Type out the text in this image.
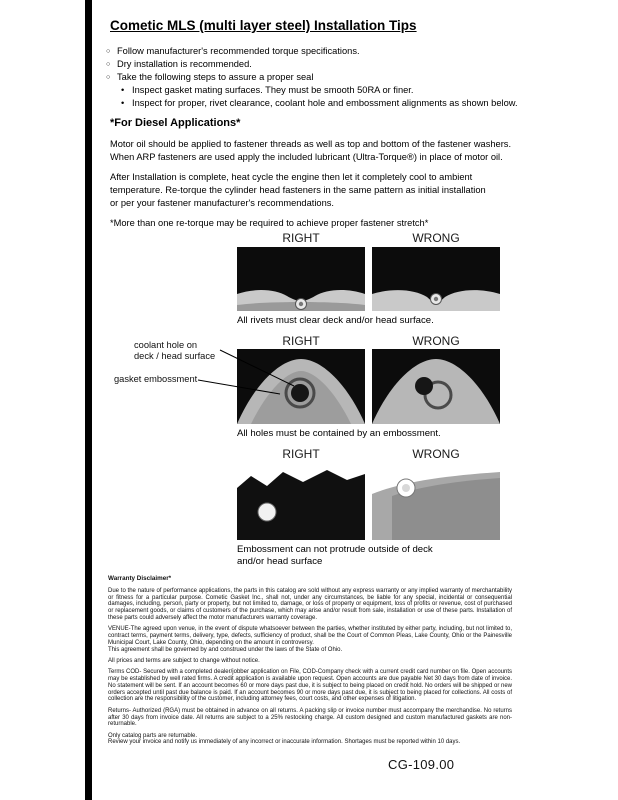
Cometic MLS (multi layer steel) Installation Tips
○ Follow manufacturer's recommended torque specifications.
○ Dry installation is recommended.
○ Take the following steps to assure a proper seal
• Inspect gasket mating surfaces. They must be smooth 50RA or finer.
• Inspect for proper, rivet clearance, coolant hole and embossment alignments as shown below.
*For Diesel Applications*

Motor oil should be applied to fastener threads as well as top and bottom of the fastener washers.
When ARP fasteners are used apply the included lubricant (Ultra-Torque®) in place of motor oil.

After Installation is complete, heat cycle the engine then let it completely cool to ambient
temperature. Re-torque the cylinder head fasteners in the same pattern as initial installation
or per your fastener manufacturer's recommendations.

*More than one re-torque may be required to achieve proper fastener stretch*

RIGHT	WRONG
All rivets must clear deck and/or head surface.
RIGHT	WRONG
coolant hole on
deck / head surface
gasket embossment
All holes must be contained by an embossment.
RIGHT	WRONG
Embossment can not protrude outside of deck
and/or head surface
Warranty Disclaimer*

Due to the nature of performance applications, the parts in this catalog are sold without any express warranty or any implied warranty of merchantability or fitness for a particular purpose. Cometic Gasket Inc., shall not, under any circumstances, be liable for any special, incidental or consequential damages, including, person, party or property, but not limited to, damage, or loss of property or equipment, loss of profits or revenue, cost of purchased or replacement goods, or claims of customers of the purchase, which may arise and/or result from sale, installation or use of these parts. Installation of these parts could adversely affect the motor manufacturers warranty coverage.

VENUE-The agreed upon venue, in the event of dispute whatsoever between the parties, whether instituted by either party, including, but not limited to, contract terms, payment terms, delivery, type, defects, sufficiency of product, shall be the Court of Common Pleas, Lake County, Ohio or the Painesville Municipal Court, Lake County, Ohio, depending on the amount in controversy.
This agreement shall be governed by and construed under the laws of the State of Ohio.

All prices and terms are subject to change without notice.

Terms COD- Secured with a completed dealer/jobber application on File, COD-Company check with a current credit card number on file. Open accounts may be established by well rated firms. A credit application is available upon request. Open accounts are due payable Net 30 days from date of invoice. No statement will be sent. If an account becomes 60 or more days past due, it is subject to being placed on credit hold. No orders will be shipped or new orders accepted until past due balance is paid. If an account becomes 90 or more days past due, it is subject to being placed for collections. All costs of collection are the responsibility of the customer, including attorney fees, court costs, and other expenses of litigation.

Returns- Authorized (RGA) must be obtained in advance on all returns. A packing slip or invoice number must accompany the merchandise. No returns after 30 days from invoice date. All returns are subject to a 25% restocking charge. All custom designed and custom manufactured gaskets are non-returnable.

Only catalog parts are returnable.
Review your invoice and notify us immediately of any incorrect or inaccurate information. Shortages must be reported within 10 days.

CG-109.00
